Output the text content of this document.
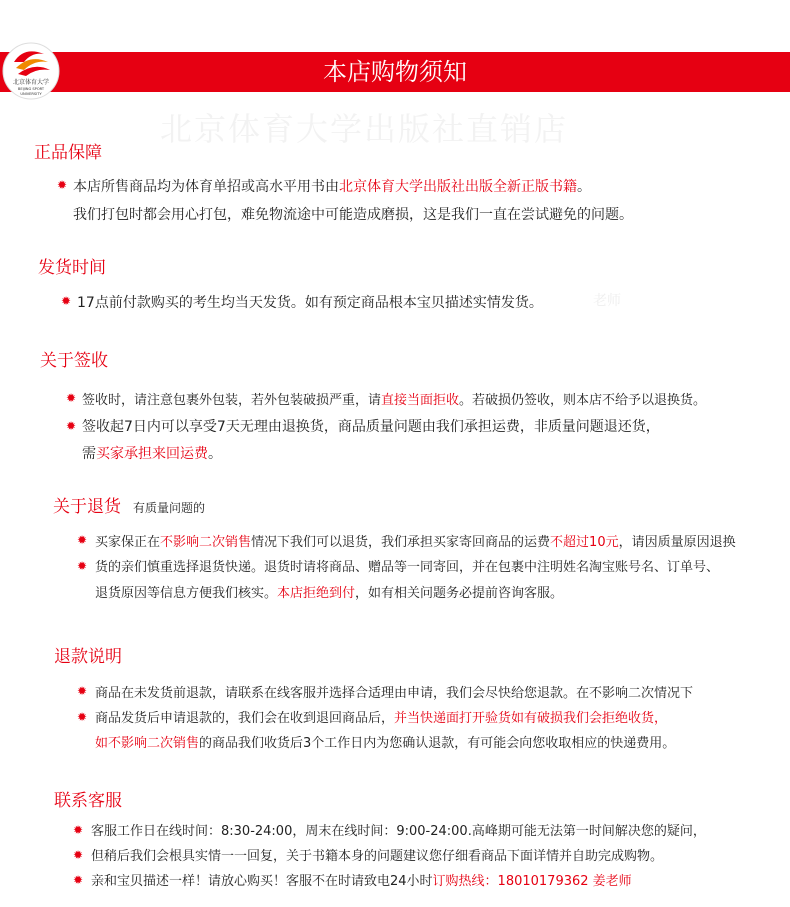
本店购物须知
北京体育大学
BEIJING SPORT
UNIVERSITY
北京体育大学出版社直销店
老师
正品保障
✹ 本店所售商品均为体育单招或高水平用书由北京体育大学出版社出版全新正版书籍。
我们打包时都会用心打包，难免物流途中可能造成磨损，这是我们一直在尝试避免的问题。
发货时间
✹ 17点前付款购买的考生均当天发货。如有预定商品根本宝贝描述实情发货。
关于签收
✹ 签收时，请注意包裹外包装，若外包装破损严重，请直接当面拒收。若破损仍签收，则本店不给予以退换货。
✹ 签收起7日内可以享受7天无理由退换货，商品质量问题由我们承担运费，非质量问题退还货，
需买家承担来回运费。
关于退货 有质量问题的
✹ 买家保正在不影响二次销售情况下我们可以退货，我们承担买家寄回商品的运费不超过10元，请因质量原因退换
✹ 货的亲们慎重选择退货快递。退货时请将商品、赠品等一同寄回，并在包裹中注明姓名淘宝账号名、订单号、
退货原因等信息方便我们核实。本店拒绝到付，如有相关问题务必提前咨询客服。
退款说明
✹ 商品在未发货前退款，请联系在线客服并选择合适理由申请，我们会尽快给您退款。在不影响二次情况下
✹ 商品发货后申请退款的，我们会在收到退回商品后，并当快递面打开验货如有破损我们会拒绝收货，
如不影响二次销售的商品我们收货后3个工作日内为您确认退款，有可能会向您收取相应的快递费用。
联系客服
✹ 客服工作日在线时间：8:30-24:00，周末在线时间：9:00-24:00.高峰期可能无法第一时间解决您的疑问，
✹ 但稍后我们会根具实情一一回复，关于书籍本身的问题建议您仔细看商品下面详情并自助完成购物。
✹ 亲和宝贝描述一样！请放心购买！客服不在时请致电24小时订购热线：18010179362 姜老师
